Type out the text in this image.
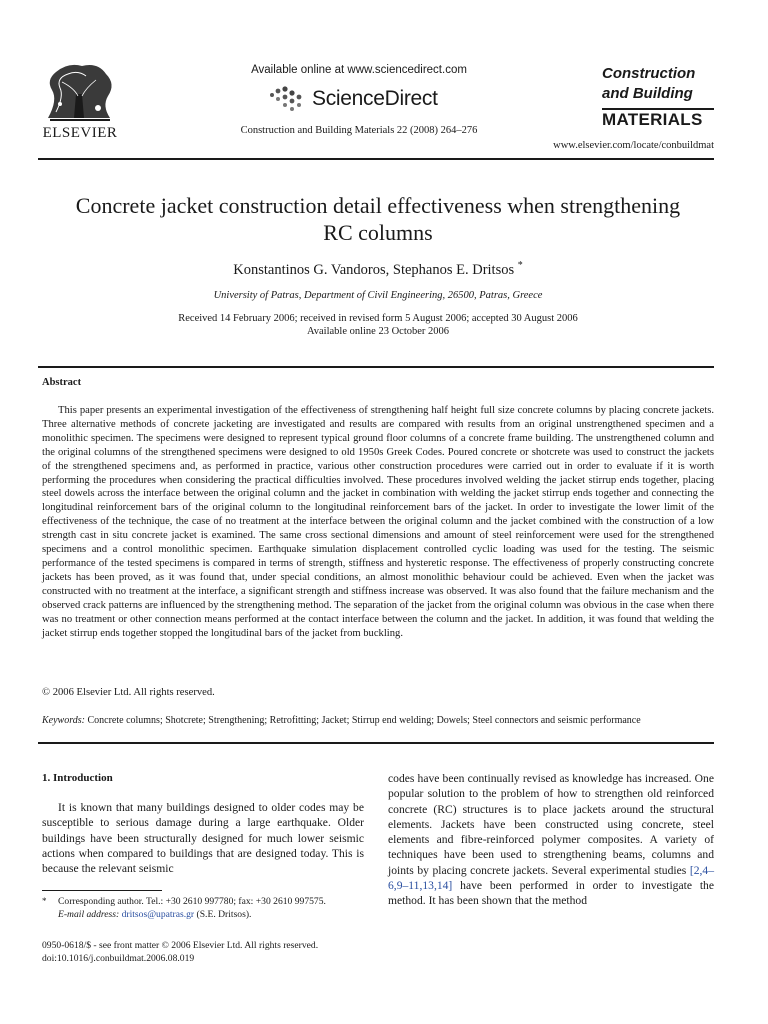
ELSEVIER
Available online at www.sciencedirect.com
ScienceDirect
Construction and Building Materials 22 (2008) 264–276
Construction
and Building
MATERIALS
www.elsevier.com/locate/conbuildmat
Concrete jacket construction detail effectiveness when strengthening
RC columns
Konstantinos G. Vandoros, Stephanos E. Dritsos *
University of Patras, Department of Civil Engineering, 26500, Patras, Greece
Received 14 February 2006; received in revised form 5 August 2006; accepted 30 August 2006
Available online 23 October 2006
Abstract

This paper presents an experimental investigation of the effectiveness of strengthening half height full size concrete columns by placing concrete jackets. Three alternative methods of concrete jacketing are investigated and results are compared with results from an original unstrengthened specimen and a monolithic specimen. The specimens were designed to represent typical ground floor columns of a concrete frame building. The unstrengthened column and the original columns of the strengthened specimens were designed to old 1950s Greek Codes. Poured concrete or shotcrete was used to construct the jackets of the strengthened specimens and, as performed in practice, various other construction procedures were carried out in order to evaluate if it is worth performing the procedures when considering the practical difficulties involved. These procedures involved welding the jacket stirrup ends together, placing steel dowels across the interface between the original column and the jacket in combination with welding the jacket stirrup ends together and connecting the longitudinal reinforcement bars of the original column to the longitudinal reinforcement bars of the jacket. In order to investigate the lower limit of the effectiveness of the technique, the case of no treatment at the interface between the original column and the jacket combined with the construction of a low strength cast in situ concrete jacket is examined. The same cross sectional dimensions and amount of steel reinforcement were used for the strengthened specimens and a control monolithic specimen. Earthquake simulation displacement controlled cyclic loading was used for the testing. The seismic performance of the tested specimens is compared in terms of strength, stiffness and hysteretic response. The effectiveness of properly constructing concrete jackets has been proved, as it was found that, under special conditions, an almost monolithic behaviour could be achieved. Even when the jacket was constructed with no treatment at the interface, a significant strength and stiffness increase was observed. It was also found that the failure mechanism and the observed crack patterns are influenced by the strengthening method. The separation of the jacket from the original column was obvious in the case when there was no treatment or other connection means performed at the contact interface between the column and the jacket. In addition, it was found that welding the jacket stirrup ends together stopped the longitudinal bars of the jacket from buckling.

© 2006 Elsevier Ltd. All rights reserved.
Keywords: Concrete columns; Shotcrete; Strengthening; Retrofitting; Jacket; Stirrup end welding; Dowels; Steel connectors and seismic performance
1. Introduction

It is known that many buildings designed to older codes may be susceptible to serious damage during a large earthquake. Older buildings have been structurally designed for much lower seismic actions when compared to buildings that are designed today. This is because the relevant seismic

codes have been continually revised as knowledge has increased. One popular solution to the problem of how to strengthen old reinforced concrete (RC) structures is to place jackets around the structural elements. Jackets have been constructed using concrete, steel elements and fibre-reinforced polymer composites. A variety of techniques have been used to strengthening beams, columns and joints by placing concrete jackets. Several experimental studies [2,4–6,9–11,13,14] have been performed in order to investigate the method. It has been shown that the method

*	Corresponding author. Tel.: +30 2610 997780; fax: +30 2610 997575.
E-mail address: dritsos@upatras.gr (S.E. Dritsos).
0950-0618/$ - see front matter © 2006 Elsevier Ltd. All rights reserved.
doi:10.1016/j.conbuildmat.2006.08.019
